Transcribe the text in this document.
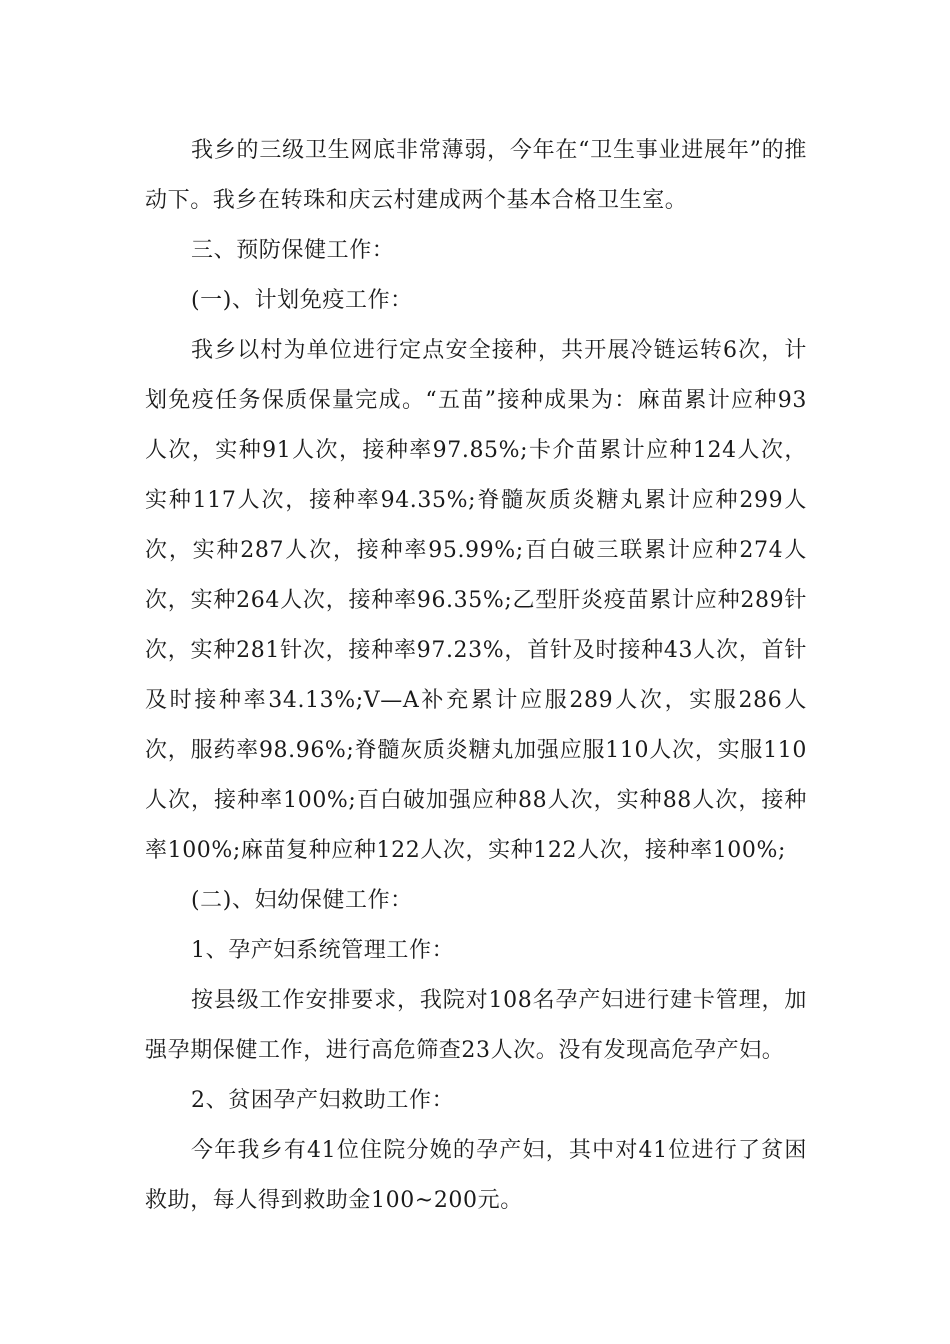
我乡的三级卫生网底非常薄弱，今年在“卫生事业进展年”的推动下。我乡在转珠和庆云村建成两个基本合格卫生室。

三、预防保健工作：

(一)、计划免疫工作：

我乡以村为单位进行定点安全接种，共开展冷链运转6次，计划免疫任务保质保量完成。“五苗”接种成果为：麻苗累计应种93人次，实种91人次，接种率97.85%;卡介苗累计应种124人次，实种117人次，接种率94.35%;脊髓灰质炎糖丸累计应种299人次，实种287人次，接种率95.99%;百白破三联累计应种274人次，实种264人次，接种率96.35%;乙型肝炎疫苗累计应种289针次，实种281针次，接种率97.23%，首针及时接种43人次，首针及时接种率34.13%;V—A补充累计应服289人次，实服286人次，服药率98.96%;脊髓灰质炎糖丸加强应服110人次，实服110人次，接种率100%;百白破加强应种88人次，实种88人次，接种率100%;麻苗复种应种122人次，实种122人次，接种率100%;

(二)、妇幼保健工作：

1、孕产妇系统管理工作：

按县级工作安排要求，我院对108名孕产妇进行建卡管理，加强孕期保健工作，进行高危筛查23人次。没有发现高危孕产妇。

2、贫困孕产妇救助工作：

今年我乡有41位住院分娩的孕产妇，其中对41位进行了贫困救助，每人得到救助金100~200元。
